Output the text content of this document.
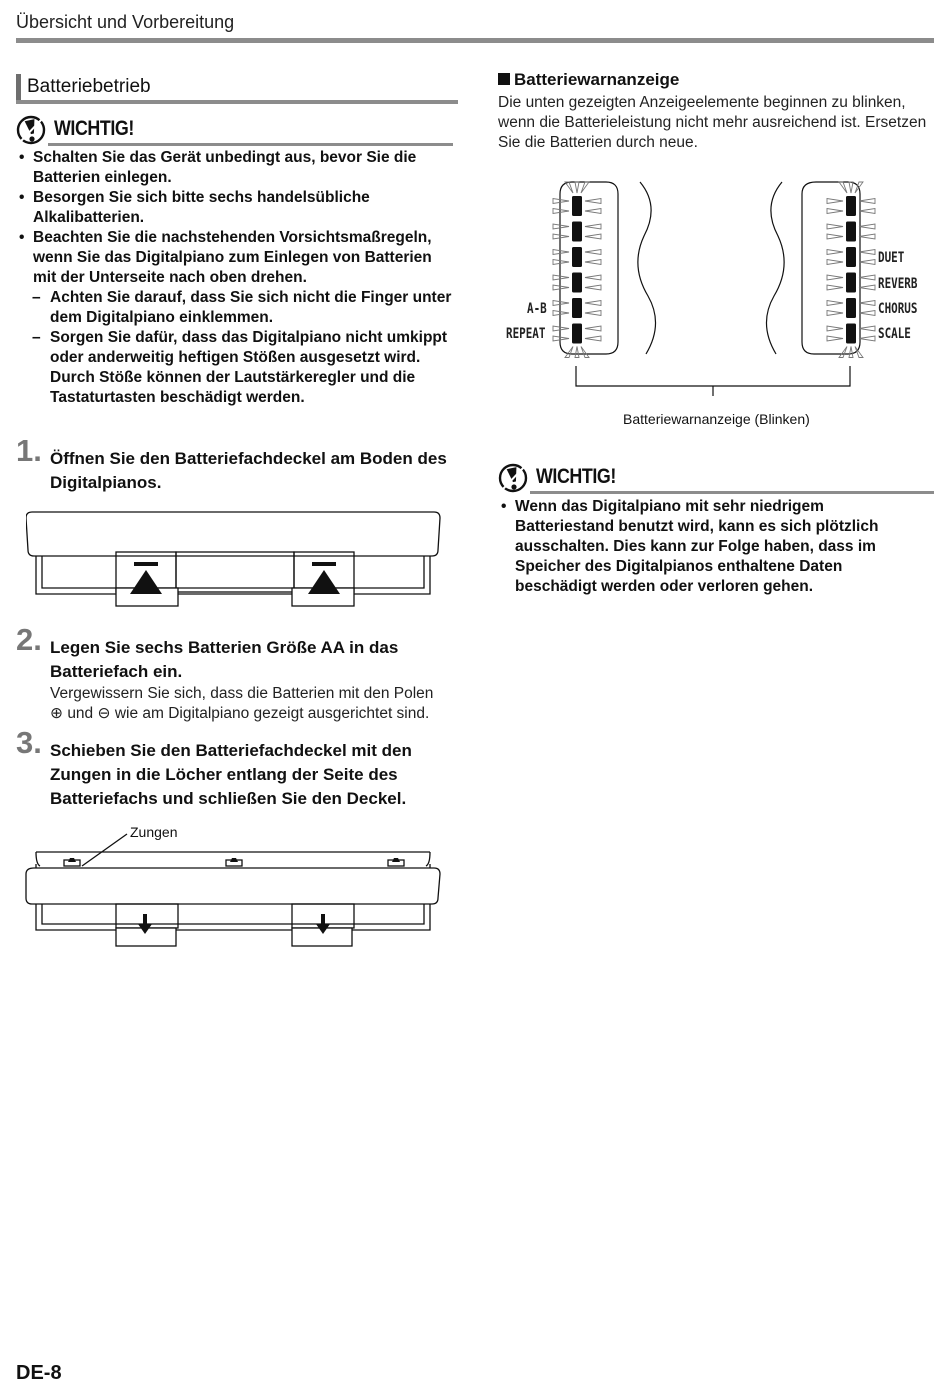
Übersicht und Vorbereitung
Batteriebetrieb
WICHTIG!
• Schalten Sie das Gerät unbedingt aus, bevor Sie die Batterien einlegen.
• Besorgen Sie sich bitte sechs handelsübliche Alkalibatterien.
• Beachten Sie die nachstehenden Vorsichtsmaßregeln, wenn Sie das Digitalpiano zum Einlegen von Batterien mit der Unterseite nach oben drehen.
– Achten Sie darauf, dass Sie sich nicht die Finger unter dem Digitalpiano einklemmen.
– Sorgen Sie dafür, dass das Digitalpiano nicht umkippt oder anderweitig heftigen Stößen ausgesetzt wird. Durch Stöße können der Lautstärkeregler und die Tastaturtasten beschädigt werden.
1. Öffnen Sie den Batteriefachdeckel am Boden des Digitalpianos.
2. Legen Sie sechs Batterien Größe AA in das Batteriefach ein.
Vergewissern Sie sich, dass die Batterien mit den Polen
⊕ und ⊖ wie am Digitalpiano gezeigt ausgerichtet sind.
3. Schieben Sie den Batteriefachdeckel mit den Zungen in die Löcher entlang der Seite des Batteriefachs und schließen Sie den Deckel.
Zungen
Batteriewarnanzeige
Die unten gezeigten Anzeigeelemente beginnen zu blinken, wenn die Batterieleistung nicht mehr ausreichend ist. Ersetzen Sie die Batterien durch neue.
A-B
REPEAT
DUET
REVERB
CHORUS
SCALE
Batteriewarnanzeige (Blinken)
WICHTIG!
• Wenn das Digitalpiano mit sehr niedrigem Batteriestand benutzt wird, kann es sich plötzlich ausschalten. Dies kann zur Folge haben, dass im Speicher des Digitalpianos enthaltene Daten beschädigt werden oder verloren gehen.
DE-8
